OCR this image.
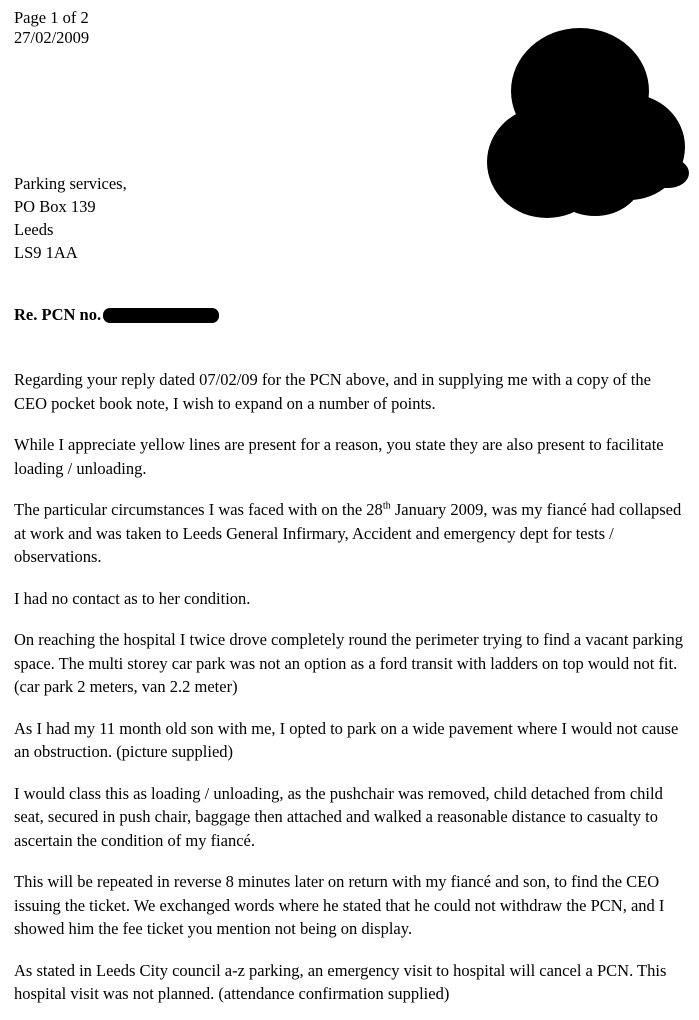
Page 1 of 2
27/02/2009
Parking services,
PO Box 139
Leeds
LS9 1AA
Re. PCN no.

Regarding your reply dated 07/02/09 for the PCN above, and in supplying me with a copy of the CEO pocket book note, I wish to expand on a number of points.

While I appreciate yellow lines are present for a reason, you state they are also present to facilitate loading / unloading.

The particular circumstances I was faced with on the 28th January 2009, was my fiancé had collapsed at work and was taken to Leeds General Infirmary, Accident and emergency dept for tests / observations.

I had no contact as to her condition.

On reaching the hospital I twice drove completely round the perimeter trying to find a vacant parking space. The multi storey car park was not an option as a ford transit with ladders on top would not fit. (car park 2 meters, van 2.2 meter)

As I had my 11 month old son with me, I opted to park on a wide pavement where I would not cause an obstruction. (picture supplied)

I would class this as loading / unloading, as the pushchair was removed, child detached from child seat, secured in push chair, baggage then attached and walked a reasonable distance to casualty to ascertain the condition of my fiancé.

This will be repeated in reverse 8 minutes later on return with my fiancé and son, to find the CEO issuing the ticket. We exchanged words where he stated that he could not withdraw the PCN, and I showed him the fee ticket you mention not being on display.

As stated in Leeds City council a-z parking, an emergency visit to hospital will cancel a PCN. This hospital visit was not planned. (attendance confirmation supplied)
